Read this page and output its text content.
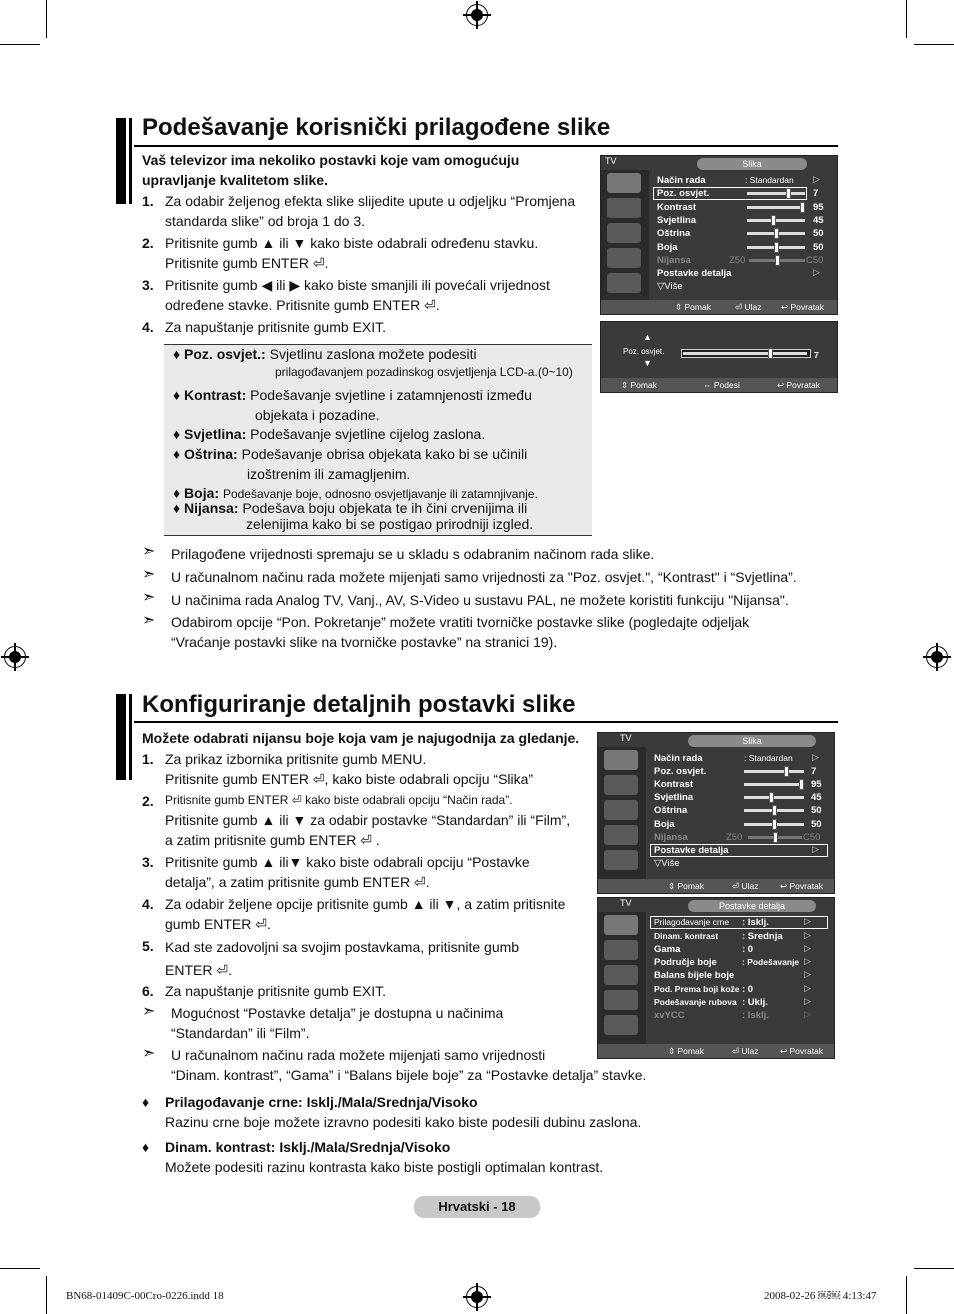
Podešavanje korisnički prilagođene slike
Vaš televizor ima nekoliko postavki koje vam omogućuju
upravljanje kvalitetom slike.
1. Za odabir željenog efekta slike slijedite upute u odjeljku “Promjena
standarda slike” od broja 1 do 3.
2. Pritisnite gumb ▲ ili ▼ kako biste odabrali određenu stavku.
Pritisnite gumb ENTER ⏎.
3. Pritisnite gumb ◀ ili ▶ kako biste smanjili ili povećali vrijednost
određene stavke. Pritisnite gumb ENTER ⏎.
4. Za napuštanje pritisnite gumb EXIT.
♦ Poz. osvjet.: Svjetlinu zaslona možete podesiti
prilagođavanjem pozadinskog osvjetljenja LCD-a.(0~10)
♦ Kontrast: Podešavanje svjetline i zatamnjenosti između
objekata i pozadine.
♦ Svjetlina: Podešavanje svjetline cijelog zaslona.
♦ Oštrina: Podešavanje obrisa objekata kako bi se učinili
izoštrenim ili zamagljenim.
♦ Boja: Podešavanje boje, odnosno osvjetljavanje ili zatamnjivanje.
♦ Nijansa: Podešava boju objekata te ih čini crvenijima ili
zelenijima kako bi se postigao prirodniji izgled.
➣ Prilagođene vrijednosti spremaju se u skladu s odabranim načinom rada slike.
➣ U računalnom načinu rada možete mijenjati samo vrijednosti za "Poz. osvjet.", “Kontrast" i “Svjetlina”.
➣ U načinima rada Analog TV, Vanj., AV, S-Video u sustavu PAL, ne možete koristiti funkciju "Nijansa".
➣ Odabirom opcije “Pon. Pokretanje” možete vratiti tvorničke postavke slike (pogledajte odjeljak
“Vraćanje postavki slike na tvorničke postavke” na stranici 19).
TV	Slika
Način rada	: Standardan ▷
Poz. osvjet.	7
Kontrast	95
Svjetlina	45
Oštrina	50
Boja	50
Nijansa	Z50	C50
Postavke detalja	▷
▽Više
⇕ Pomak	⏎ Ulaz ↩ Povratak
▲
Poz. osvjet.	7
▼
⇕ Pomak	⇔ Podesi	↩ Povratak
Konfiguriranje detaljnih postavki slike
Možete odabrati nijansu boje koja vam je najugodnija za gledanje.
1. Za prikaz izbornika pritisnite gumb MENU.
Pritisnite gumb ENTER ⏎, kako biste odabrali opciju “Slika”
2. Pritisnite gumb ENTER ⏎ kako biste odabrali opciju “Način rada”.
Pritisnite gumb ▲ ili ▼ za odabir postavke “Standardan” ili “Film”,
a zatim pritisnite gumb ENTER ⏎ .
3. Pritisnite gumb ▲ ili▼ kako biste odabrali opciju “Postavke
detalja”, a zatim pritisnite gumb ENTER ⏎.
4. Za odabir željene opcije pritisnite gumb ▲ ili ▼, a zatim pritisnite
gumb ENTER ⏎.
5. Kad ste zadovoljni sa svojim postavkama, pritisnite gumb
ENTER ⏎.
6. Za napuštanje pritisnite gumb EXIT.
➣ Mogućnost “Postavke detalja” je dostupna u načinima
“Standardan” ili “Film”.
➣ U računalnom načinu rada možete mijenjati samo vrijednosti
“Dinam. kontrast”, “Gama” i “Balans bijele boje” za “Postavke detalja” stavke.
♦ Prilagođavanje crne: Isklj./Mala/Srednja/Visoko
Razinu crne boje možete izravno podesiti kako biste podesili dubinu zaslona.
♦ Dinam. kontrast: Isklj./Mala/Srednja/Visoko
Možete podesiti razinu kontrasta kako biste postigli optimalan kontrast.
TV	Slika
Način rada	: Standardan ▷
Poz. osvjet.	7
Kontrast	95
Svjetlina	45
Oštrina	50
Boja	50
Nijansa	Z50	C50
Postavke detalja	▷
▽Više
⇕ Pomak	⏎ Ulaz	↩ Povratak
TV	Postavke detalja
Prilagođavanje crne : Isklj.	▷
Dinam. kontrast	: Srednja ▷
Gama	: 0	▷
Područje boje	: Podešavanje ▷
Balans bijele boje	▷
Pod. Prema boji kože : 0	▷
Podešavanje rubova : Uklj.	▷
xvYCC	: Isklj.	▷
⇕ Pomak	⏎ Ulaz	↩ Povratak
Hrvatski - 18
BN68-01409C-00Cro-0226.indd 18	2008-02-26 ￼￼ 4:13:47
